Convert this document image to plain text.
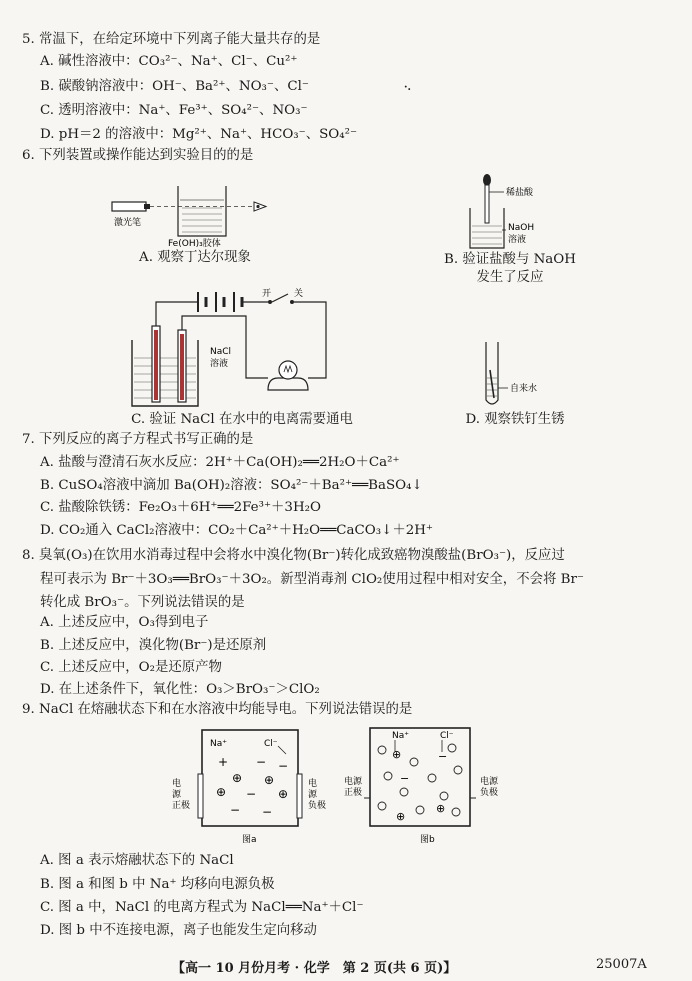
5. 常温下，在给定环境中下列离子能大量共存的是
A. 碱性溶液中：CO₃²⁻、Na⁺、Cl⁻、Cu²⁺
B. 碳酸钠溶液中：OH⁻、Ba²⁺、NO₃⁻、Cl⁻	·.
C. 透明溶液中：Na⁺、Fe³⁺、SO₄²⁻、NO₃⁻
D. pH＝2 的溶液中：Mg²⁺、Na⁺、HCO₃⁻、SO₄²⁻
6. 下列装置或操作能达到实验目的的是
激光笔
Fe(OH)₃胶体
A. 观察丁达尔现象
稀盐酸
NaOH
溶液
B. 验证盐酸与 NaOH
发生了反应
开	关
NaCl
溶液
C. 验证 NaCl 在水中的电离需要通电
自来水
D. 观察铁钉生锈
7. 下列反应的离子方程式书写正确的是
A. 盐酸与澄清石灰水反应：2H⁺＋Ca(OH)₂══2H₂O＋Ca²⁺
B. CuSO₄溶液中滴加 Ba(OH)₂溶液：SO₄²⁻＋Ba²⁺══BaSO₄↓
C. 盐酸除铁锈：Fe₂O₃＋6H⁺══2Fe³⁺＋3H₂O
D. CO₂通入 CaCl₂溶液中：CO₂＋Ca²⁺＋H₂O══CaCO₃↓＋2H⁺
8. 臭氧(O₃)在饮用水消毒过程中会将水中溴化物(Br⁻)转化成致癌物溴酸盐(BrO₃⁻)，反应过
程可表示为 Br⁻＋3O₃══BrO₃⁻＋3O₂。新型消毒剂 ClO₂使用过程中相对安全，不会将 Br⁻
转化成 BrO₃⁻。下列说法错误的是
A. 上述反应中，O₃得到电子
B. 上述反应中，溴化物(Br⁻)是还原剂
C. 上述反应中，O₂是还原产物
D. 在上述条件下，氧化性：O₃＞BrO₃⁻＞ClO₂
9. NaCl 在熔融状态下和在水溶液中均能导电。下列说法错误的是
电
源
正极
电
源
负极
Na⁺	Cl⁻
+ − −
⊕ ⊕
⊕ − ⊕
− −
图a
Na⁺	Cl⁻
电源
正极
电源
负极
⊕	−
−
⊕
⊕
图b
A. 图 a 表示熔融状态下的 NaCl
B. 图 a 和图 b 中 Na⁺ 均移向电源负极
C. 图 a 中，NaCl 的电离方程式为 NaCl══Na⁺＋Cl⁻
D. 图 b 中不连接电源，离子也能发生定向移动
【高一 10 月份月考 · 化学　第 2 页(共 6 页)】	25007A
